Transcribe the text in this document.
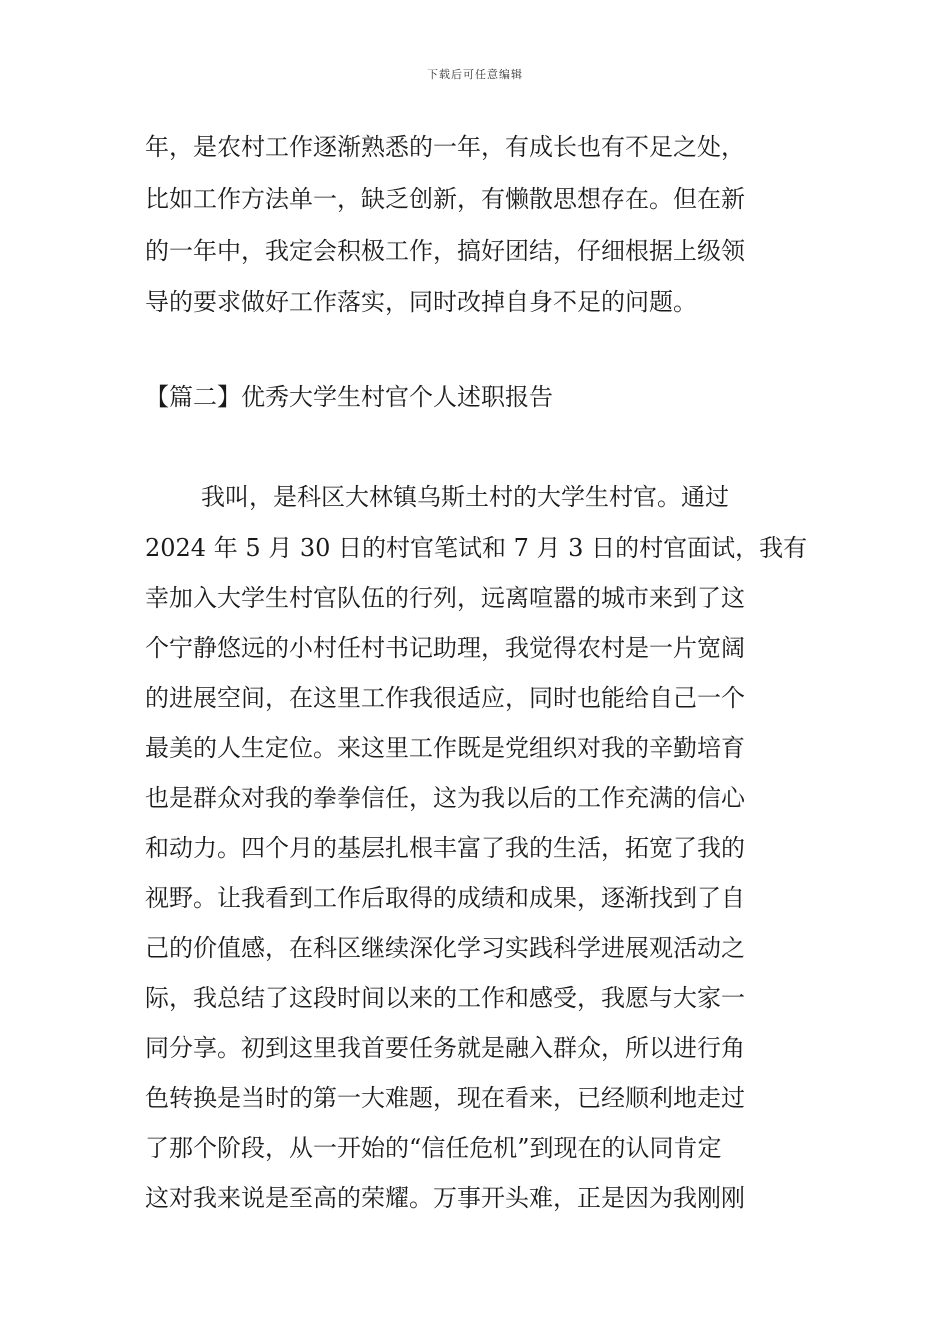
下载后可任意编辑
年，是农村工作逐渐熟悉的一年，有成长也有不足之处，
比如工作方法单一，缺乏创新，有懒散思想存在。但在新
的一年中，我定会积极工作，搞好团结，仔细根据上级领
导的要求做好工作落实，同时改掉自身不足的问题。
【篇二】优秀大学生村官个人述职报告
我叫，是科区大林镇乌斯土村的大学生村官。通过
2024 年 5 月 30 日的村官笔试和 7 月 3 日的村官面试，我有
幸加入大学生村官队伍的行列，远离喧嚣的城市来到了这
个宁静悠远的小村任村书记助理，我觉得农村是一片宽阔
的进展空间，在这里工作我很适应，同时也能给自己一个
最美的人生定位。来这里工作既是党组织对我的辛勤培育
也是群众对我的拳拳信任，这为我以后的工作充满的信心
和动力。四个月的基层扎根丰富了我的生活，拓宽了我的
视野。让我看到工作后取得的成绩和成果，逐渐找到了自
己的价值感，在科区继续深化学习实践科学进展观活动之
际，我总结了这段时间以来的工作和感受，我愿与大家一
同分享。初到这里我首要任务就是融入群众，所以进行角
色转换是当时的第一大难题，现在看来，已经顺利地走过
了那个阶段，从一开始的“信任危机”到现在的认同肯定
这对我来说是至高的荣耀。万事开头难，正是因为我刚刚
